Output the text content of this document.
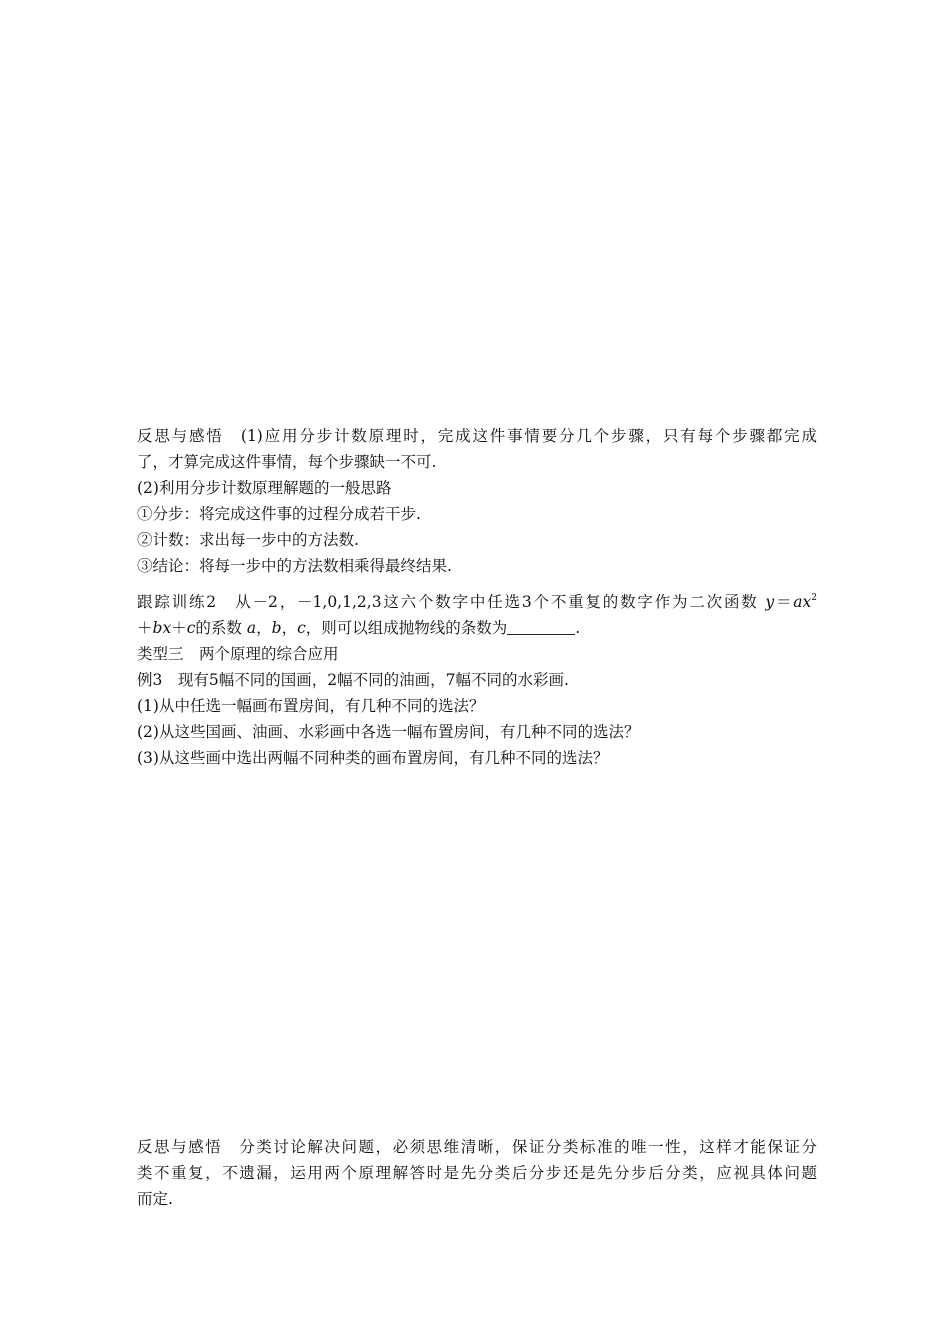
反思与感悟　(1)应用分步计数原理时，完成这件事情要分几个步骤，只有每个步骤都完成
了，才算完成这件事情，每个步骤缺一不可.
(2)利用分步计数原理解题的一般思路
①分步：将完成这件事的过程分成若干步.
②计数：求出每一步中的方法数.
③结论：将每一步中的方法数相乘得最终结果.
跟踪训练2　从－2，－1,0,1,2,3这六个数字中任选3个不重复的数字作为二次函数 $y=ax^2$
＋bx＋c的系数 a，b，c，则可以组成抛物线的条数为	.
类型三　两个原理的综合应用
例3　现有5幅不同的国画，2幅不同的油画，7幅不同的水彩画.
(1)从中任选一幅画布置房间，有几种不同的选法？
(2)从这些国画、油画、水彩画中各选一幅布置房间，有几种不同的选法？
(3)从这些画中选出两幅不同种类的画布置房间，有几种不同的选法？
反思与感悟　分类讨论解决问题，必须思维清晰，保证分类标准的唯一性，这样才能保证分
类不重复，不遗漏，运用两个原理解答时是先分类后分步还是先分步后分类，应视具体问题
而定.
